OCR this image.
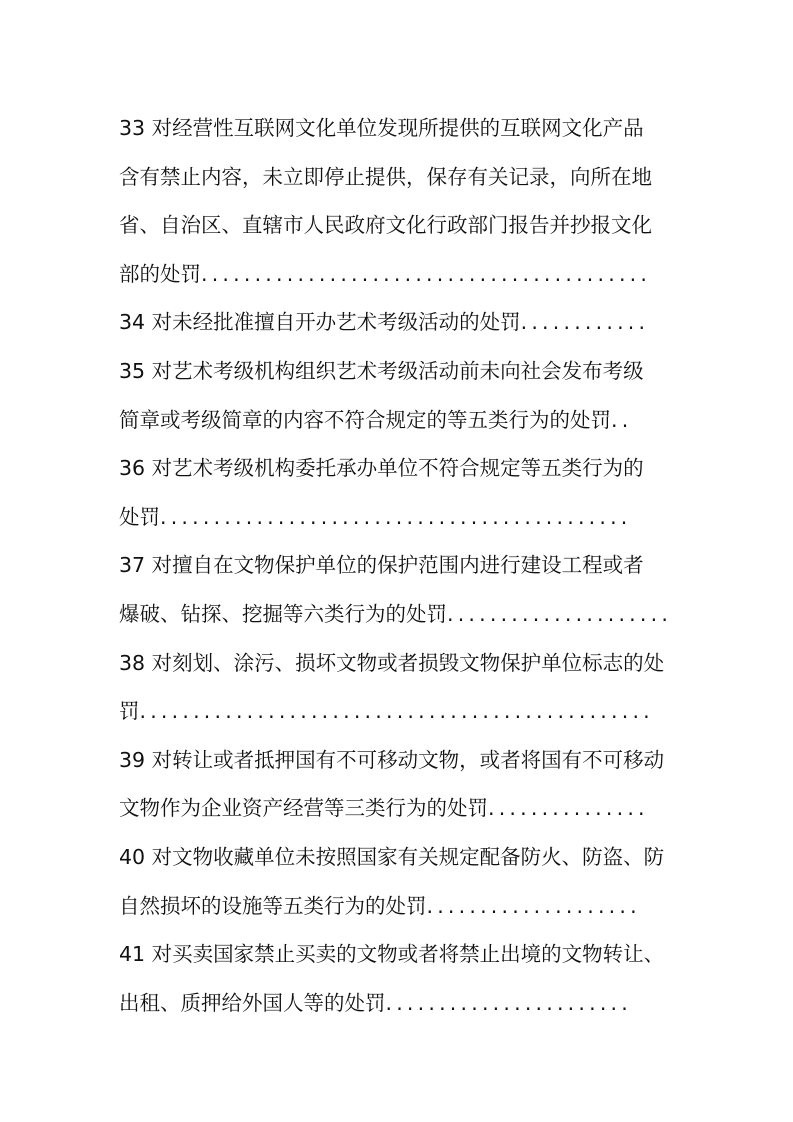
33 对经营性互联网文化单位发现所提供的互联网文化产品
含有禁止内容，未立即停止提供，保存有关记录，向所在地
省、自治区、直辖市人民政府文化行政部门报告并抄报文化
部的处罚..........................................
34 对未经批准擅自开办艺术考级活动的处罚............
35 对艺术考级机构组织艺术考级活动前未向社会发布考级
简章或考级简章的内容不符合规定的等五类行为的处罚..
36 对艺术考级机构委托承办单位不符合规定等五类行为的
处罚............................................
37 对擅自在文物保护单位的保护范围内进行建设工程或者
爆破、钻探、挖掘等六类行为的处罚.....................
38 对刻划、涂污、损坏文物或者损毁文物保护单位标志的处
罚................................................
39 对转让或者抵押国有不可移动文物，或者将国有不可移动
文物作为企业资产经营等三类行为的处罚...............
40 对文物收藏单位未按照国家有关规定配备防火、防盗、防
自然损坏的设施等五类行为的处罚....................
41 对买卖国家禁止买卖的文物或者将禁止出境的文物转让、
出租、质押给外国人等的处罚.......................
